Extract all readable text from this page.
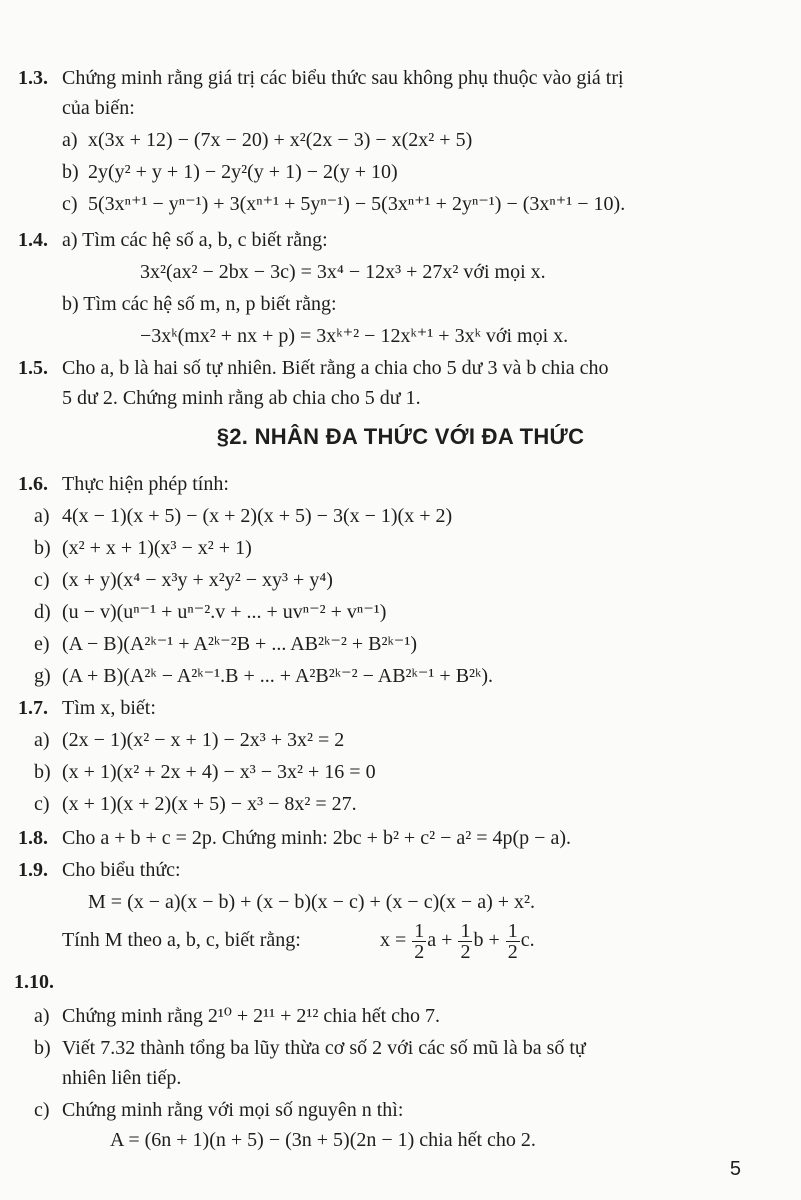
1.3. Chứng minh rằng giá trị các biểu thức sau không phụ thuộc vào giá trị
của biến:
a) x(3x + 12) − (7x − 20) + x²(2x − 3) − x(2x² + 5)
b) 2y(y² + y + 1) − 2y²(y + 1) − 2(y + 10)
c) 5(3xⁿ⁺¹ − yⁿ⁻¹) + 3(xⁿ⁺¹ + 5yⁿ⁻¹) − 5(3xⁿ⁺¹ + 2yⁿ⁻¹) − (3xⁿ⁺¹ − 10).
1.4. a) Tìm các hệ số a, b, c biết rằng:
3x²(ax² − 2bx − 3c) = 3x⁴ − 12x³ + 27x² với mọi x.
b) Tìm các hệ số m, n, p biết rằng:
−3xᵏ(mx² + nx + p) = 3xᵏ⁺² − 12xᵏ⁺¹ + 3xᵏ với mọi x.
1.5. Cho a, b là hai số tự nhiên. Biết rằng a chia cho 5 dư 3 và b chia cho
5 dư 2. Chứng minh rằng ab chia cho 5 dư 1.
§2. NHÂN ĐA THỨC VỚI ĐA THỨC
1.6. Thực hiện phép tính:
a) 4(x − 1)(x + 5) − (x + 2)(x + 5) − 3(x − 1)(x + 2)
b) (x² + x + 1)(x³ − x² + 1)
c) (x + y)(x⁴ − x³y + x²y² − xy³ + y⁴)
d) (u − v)(uⁿ⁻¹ + uⁿ⁻².v + ... + uvⁿ⁻² + vⁿ⁻¹)
e) (A − B)(A²ᵏ⁻¹ + A²ᵏ⁻²B + ... AB²ᵏ⁻² + B²ᵏ⁻¹)
g) (A + B)(A²ᵏ − A²ᵏ⁻¹.B + ... + A²B²ᵏ⁻² − AB²ᵏ⁻¹ + B²ᵏ).
1.7. Tìm x, biết:
a) (2x − 1)(x² − x + 1) − 2x³ + 3x² = 2
b) (x + 1)(x² + 2x + 4) − x³ − 3x² + 16 = 0
c) (x + 1)(x + 2)(x + 5) − x³ − 8x² = 27.
1.8. Cho a + b + c = 2p. Chứng minh: 2bc + b² + c² − a² = 4p(p − a).
1.9. Cho biểu thức:
M = (x − a)(x − b) + (x − b)(x − c) + (x − c)(x − a) + x².
Tính M theo a, b, c, biết rằng:	$x = \frac{1}{2}$ $a + \frac{1}{2}$ $b + \frac{1}{2} c$.
1.10.
a) Chứng minh rằng 2¹⁰ + 2¹¹ + 2¹² chia hết cho 7.
b) Viết 7.32 thành tổng ba lũy thừa cơ số 2 với các số mũ là ba số tự
nhiên liên tiếp.
c) Chứng minh rằng với mọi số nguyên n thì:
A = (6n + 1)(n + 5) − (3n + 5)(2n − 1) chia hết cho 2.
5
